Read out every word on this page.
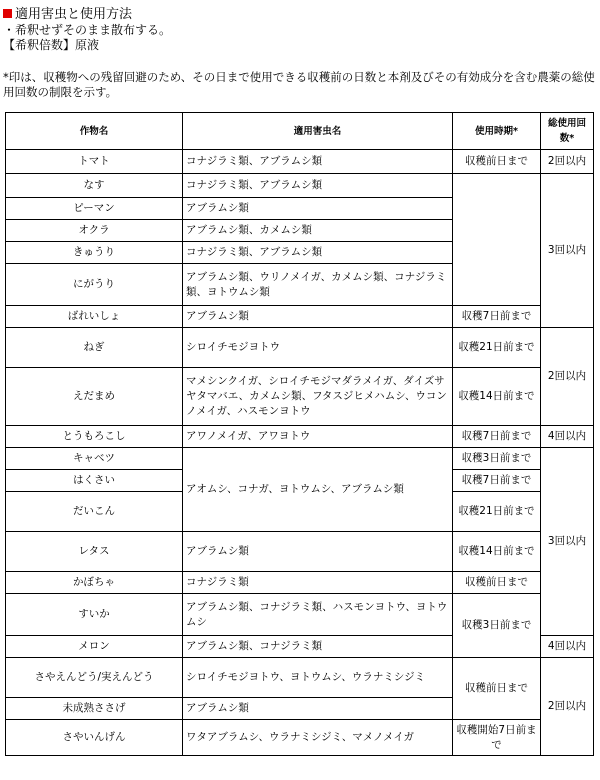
適用害虫と使用方法
・希釈せずそのまま散布する。
【希釈倍数】原液
*印は、収穫物への残留回避のため、その日まで使用できる収穫前の日数と本剤及びその有効成分を含む農薬の総使用回数の制限を示す。
作物名	適用害虫名	使用時期*	総使用回数*
トマト	コナジラミ類、アブラムシ類	収穫前日まで	2回以内
なす	コナジラミ類、アブラムシ類		3回以内
ピーマン	アブラムシ類		
オクラ	アブラムシ類、カメムシ類		
きゅうり	コナジラミ類、アブラムシ類		
にがうり	アブラムシ類、ウリノメイガ、カメムシ類、コナジラミ類、ヨトウムシ類		
ばれいしょ	アブラムシ類	収穫7日前まで	
ねぎ	シロイチモジヨトウ	収穫21日前まで	2回以内
えだまめ	マメシンクイガ、シロイチモジマダラメイガ、ダイズサヤタマバエ、カメムシ類、フタスジヒメハムシ、ウコンノメイガ、ハスモンヨトウ	収穫14日前まで	
とうもろこし	アワノメイガ、アワヨトウ	収穫7日前まで	4回以内
キャベツ	アオムシ、コナガ、ヨトウムシ、アブラムシ類	収穫3日前まで	3回以内
はくさい		収穫7日前まで	
だいこん		収穫21日前まで	
レタス	アブラムシ類	収穫14日前まで	
かぼちゃ	コナジラミ類	収穫前日まで	
すいか	アブラムシ類、コナジラミ類、ハスモンヨトウ、ヨトウムシ	収穫3日前まで	
メロン	アブラムシ類、コナジラミ類		4回以内
さやえんどう/実えんどう	シロイチモジヨトウ、ヨトウムシ、ウラナミシジミ	収穫前日まで	2回以内
未成熟ささげ	アブラムシ類		
さやいんげん	ワタアブラムシ、ウラナミシジミ、マメノメイガ	収穫開始7日前まで	
